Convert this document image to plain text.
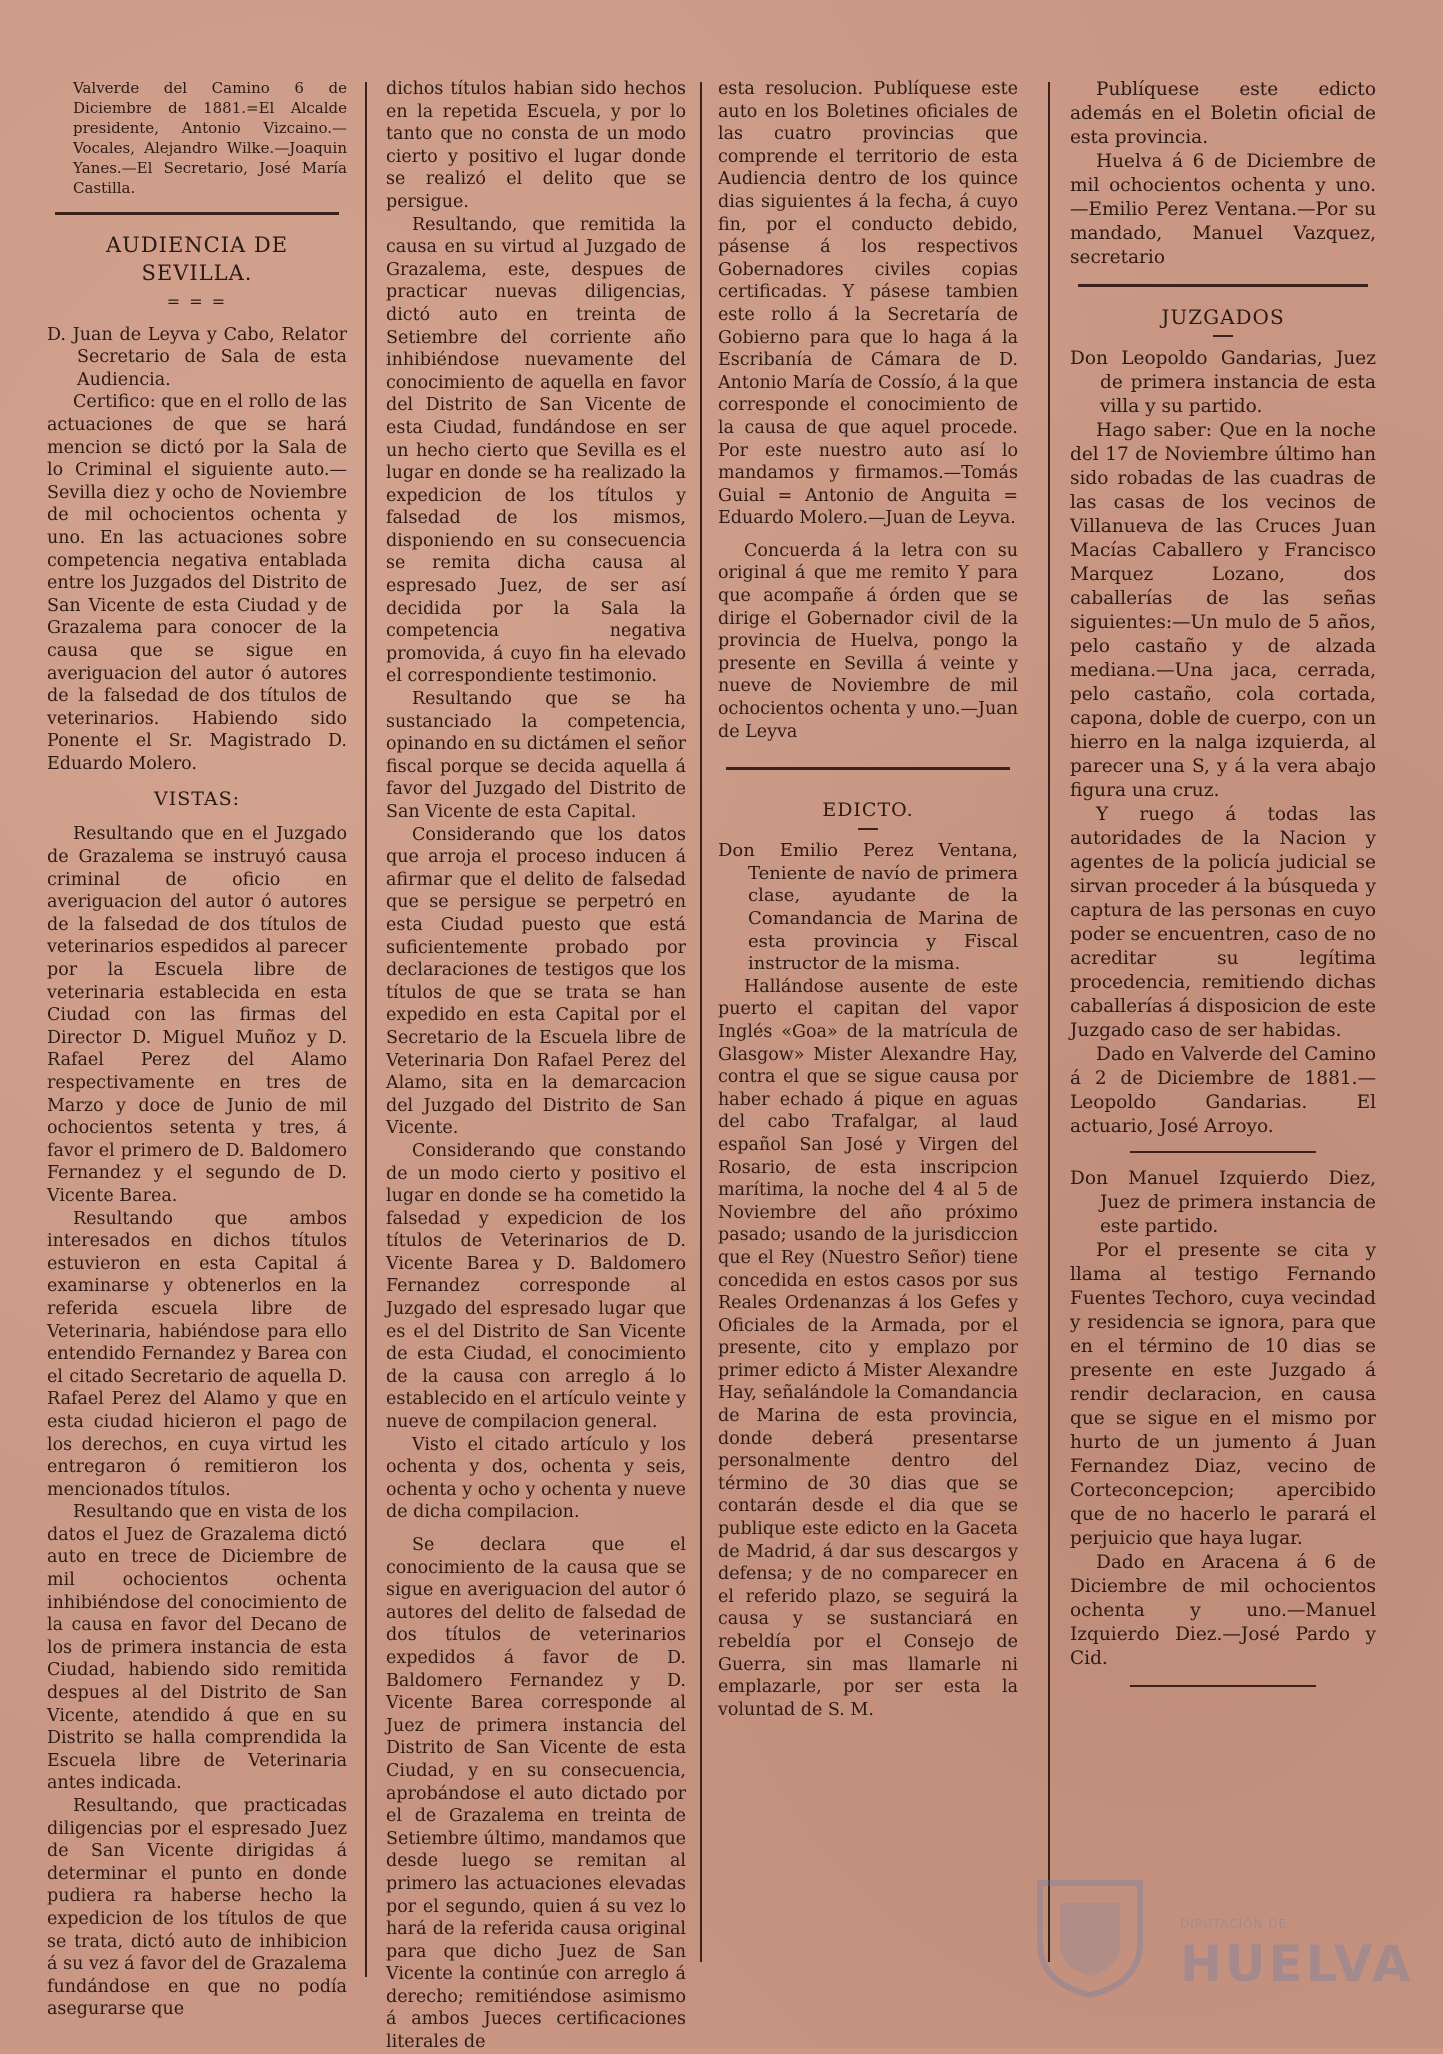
Valverde del Camino 6 de Diciembre de 1881.=El Alcalde presidente, Antonio Vizcaino.—Vocales, Alejandro Wilke.—Joaquin Yanes.—El Secretario, José María Castilla.

AUDIENCIA DE SEVILLA.
= = =

D. Juan de Leyva y Cabo, Relator Secretario de Sala de esta Audiencia.

Certifico: que en el rollo de las actuaciones de que se hará mencion se dictó por la Sala de lo Criminal el siguiente auto.—Sevilla diez y ocho de Noviembre de mil ochocientos ochenta y uno. En las actuaciones sobre competencia negativa entablada entre los Juzgados del Distrito de San Vicente de esta Ciudad y de Grazalema para conocer de la causa que se sigue en averiguacion del autor ó autores de la falsedad de dos títulos de veterinarios. Habiendo sido Ponente el Sr. Magistrado D. Eduardo Molero.

VISTAS:

Resultando que en el Juzgado de Grazalema se instruyó causa criminal de oficio en averiguacion del autor ó autores de la falsedad de dos títulos de veterinarios espedidos al parecer por la Escuela libre de veterinaria establecida en esta Ciudad con las firmas del Director D. Miguel Muñoz y D. Rafael Perez del Alamo respectivamente en tres de Marzo y doce de Junio de mil ochocientos setenta y tres, á favor el primero de D. Baldomero Fernandez y el segundo de D. Vicente Barea.

Resultando que ambos interesados en dichos títulos estuvieron en esta Capital á examinarse y obtenerlos en la referida escuela libre de Veterinaria, habiéndose para ello entendido Fernandez y Barea con el citado Secretario de aquella D. Rafael Perez del Alamo y que en esta ciudad hicieron el pago de los derechos, en cuya virtud les entregaron ó remitieron los mencionados títulos.

Resultando que en vista de los datos el Juez de Grazalema dictó auto en trece de Diciembre de mil ochocientos ochenta inhibiéndose del conocimiento de la causa en favor del Decano de los de primera instancia de esta Ciudad, habiendo sido remitida despues al del Distrito de San Vicente, atendido á que en su Distrito se halla comprendida la Escuela libre de Veterinaria antes indicada.

Resultando, que practicadas diligencias por el espresado Juez de San Vicente dirigidas á determinar el punto en donde pudiera ra haberse hecho la expedicion de los títulos de que se trata, dictó auto de inhibicion á su vez á favor del de Grazalema fundándose en que no podía asegurarse que

dichos títulos habian sido hechos en la repetida Escuela, y por lo tanto que no consta de un modo cierto y positivo el lugar donde se realizó el delito que se persigue.

Resultando, que remitida la causa en su virtud al Juzgado de Grazalema, este, despues de practicar nuevas diligencias, dictó auto en treinta de Setiembre del corriente año inhibiéndose nuevamente del conocimiento de aquella en favor del Distrito de San Vicente de esta Ciudad, fundándose en ser un hecho cierto que Sevilla es el lugar en donde se ha realizado la expedicion de los títulos y falsedad de los mismos, disponiendo en su consecuencia se remita dicha causa al espresado Juez, de ser así decidida por la Sala la competencia negativa promovida, á cuyo fin ha elevado el correspondiente testimonio.

Resultando que se ha sustanciado la competencia, opinando en su dictámen el señor fiscal porque se decida aquella á favor del Juzgado del Distrito de San Vicente de esta Capital.

Considerando que los datos que arroja el proceso inducen á afirmar que el delito de falsedad que se persigue se perpetró en esta Ciudad puesto que está suficientemente probado por declaraciones de testigos que los títulos de que se trata se han expedido en esta Capital por el Secretario de la Escuela libre de Veterinaria Don Rafael Perez del Alamo, sita en la demarcacion del Juzgado del Distrito de San Vicente.

Considerando que constando de un modo cierto y positivo el lugar en donde se ha cometido la falsedad y expedicion de los títulos de Veterinarios de D. Vicente Barea y D. Baldomero Fernandez corresponde al Juzgado del espresado lugar que es el del Distrito de San Vicente de esta Ciudad, el conocimiento de la causa con arreglo á lo establecido en el artículo veinte y nueve de compilacion general.

Visto el citado artículo y los ochenta y dos, ochenta y seis, ochenta y ocho y ochenta y nueve de dicha compilacion.

Se declara que el conocimiento de la causa que se sigue en averiguacion del autor ó autores del delito de falsedad de dos títulos de veterinarios expedidos á favor de D. Baldomero Fernandez y D. Vicente Barea corresponde al Juez de primera instancia del Distrito de San Vicente de esta Ciudad, y en su consecuencia, aprobándose el auto dictado por el de Grazalema en treinta de Setiembre último, mandamos que desde luego se remitan al primero las actuaciones elevadas por el segundo, quien á su vez lo hará de la referida causa original para que dicho Juez de San Vicente la continúe con arreglo á derecho; remitiéndose asimismo á ambos Jueces certificaciones literales de

esta resolucion. Publíquese este auto en los Boletines oficiales de las cuatro provincias que comprende el territorio de esta Audiencia dentro de los quince dias siguientes á la fecha, á cuyo fin, por el conducto debido, pásense á los respectivos Gobernadores civiles copias certificadas. Y pásese tambien este rollo á la Secretaría de Gobierno para que lo haga á la Escribanía de Cámara de D. Antonio María de Cossío, á la que corresponde el conocimiento de la causa de que aquel procede. Por este nuestro auto así lo mandamos y firmamos.—Tomás Guial = Antonio de Anguita = Eduardo Molero.—Juan de Leyva.

Concuerda á la letra con su original á que me remito Y para que acompañe á órden que se dirige el Gobernador civil de la provincia de Huelva, pongo la presente en Sevilla á veinte y nueve de Noviembre de mil ochocientos ochenta y uno.—Juan de Leyva

EDICTO.

Don Emilio Perez Ventana, Teniente de navío de primera clase, ayudante de la Comandancia de Marina de esta provincia y Fiscal instructor de la misma.

Hallándose ausente de este puerto el capitan del vapor Inglés «Goa» de la matrícula de Glasgow» Mister Alexandre Hay, contra el que se sigue causa por haber echado á pique en aguas del cabo Trafalgar, al laud español San José y Virgen del Rosario, de esta inscripcion marítima, la noche del 4 al 5 de Noviembre del año próximo pasado; usando de la jurisdiccion que el Rey (Nuestro Señor) tiene concedida en estos casos por sus Reales Ordenanzas á los Gefes y Oficiales de la Armada, por el presente, cito y emplazo por primer edicto á Mister Alexandre Hay, señalándole la Comandancia de Marina de esta provincia, donde deberá presentarse personalmente dentro del término de 30 dias que se contarán desde el dia que se publique este edicto en la Gaceta de Madrid, á dar sus descargos y defensa; y de no comparecer en el referido plazo, se seguirá la causa y se sustanciará en rebeldía por el Consejo de Guerra, sin mas llamarle ni emplazarle, por ser esta la voluntad de S. M.

Publíquese este edicto además en el Boletin oficial de esta provincia.

Huelva á 6 de Diciembre de mil ochocientos ochenta y uno.—Emilio Perez Ventana.—Por su mandado, Manuel Vazquez, secretario

JUZGADOS

Don Leopoldo Gandarias, Juez de primera instancia de esta villa y su partido.

Hago saber: Que en la noche del 17 de Noviembre último han sido robadas de las cuadras de las casas de los vecinos de Villanueva de las Cruces Juan Macías Caballero y Francisco Marquez Lozano, dos caballerías de las señas siguientes:—Un mulo de 5 años, pelo castaño y de alzada mediana.—Una jaca, cerrada, pelo castaño, cola cortada, capona, doble de cuerpo, con un hierro en la nalga izquierda, al parecer una S, y á la vera abajo figura una cruz.

Y ruego á todas las autoridades de la Nacion y agentes de la policía judicial se sirvan proceder á la búsqueda y captura de las personas en cuyo poder se encuentren, caso de no acreditar su legítima procedencia, remitiendo dichas caballerías á disposicion de este Juzgado caso de ser habidas.

Dado en Valverde del Camino á 2 de Diciembre de 1881.—Leopoldo Gandarias. El actuario, José Arroyo.

Don Manuel Izquierdo Diez, Juez de primera instancia de este partido.

Por el presente se cita y llama al testigo Fernando Fuentes Techoro, cuya vecindad y residencia se ignora, para que en el término de 10 dias se presente en este Juzgado á rendir declaracion, en causa que se sigue en el mismo por hurto de un jumento á Juan Fernandez Diaz, vecino de Corteconcepcion; apercibido que de no hacerlo le parará el perjuicio que haya lugar.

Dado en Aracena á 6 de Diciembre de mil ochocientos ochenta y uno.—Manuel Izquierdo Diez.—José Pardo y Cid.

DIPUTACIÓN DE
HUELVA
